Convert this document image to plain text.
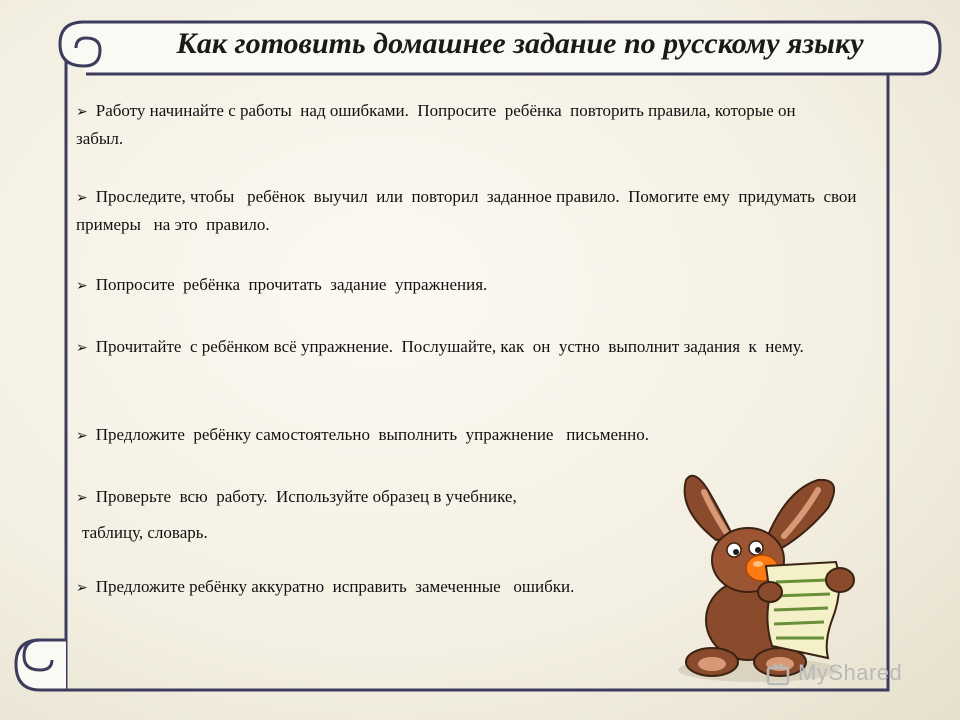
Как готовить домашнее задание по русскому языку
➢ Работу начинайте с работы  над ошибками.  Попросите  ребёнка  повторить правила, которые он  забыл.
➢ Проследите, чтобы   ребёнок  выучил  или  повторил  заданное правило.  Помогите ему  придумать  свои  примеры   на это  правило.
➢ Попросите  ребёнка  прочитать  задание  упражнения.
➢ Прочитайте  с ребёнком всё упражнение.  Послушайте, как  он  устно  выполнит задания  к  нему.
➢ Предложите  ребёнку самостоятельно  выполнить  упражнение   письменно.
➢ Проверьте  всю  работу.  Используйте образец в учебнике,
таблицу, словарь.
➢ Предложите ребёнку аккуратно  исправить  замеченные   ошибки.
MyShared
